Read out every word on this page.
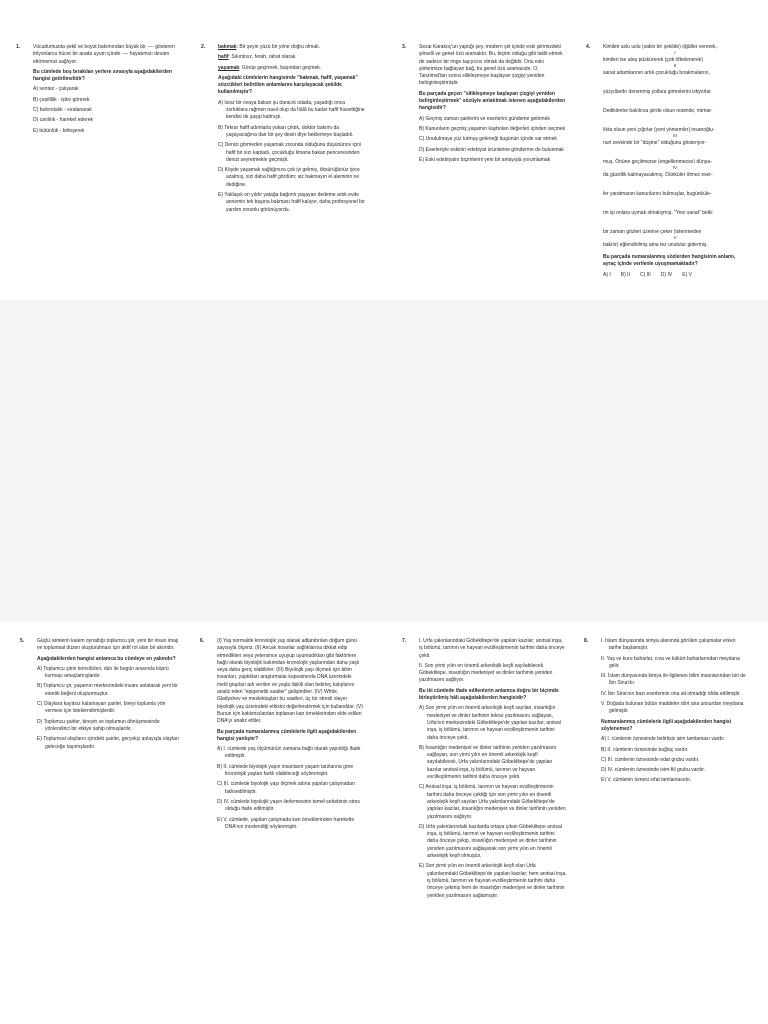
1.	Vücudumuzda şekil ve boyut bakımından büyük bir ---- gösteren trilyonlarca hücre bir arada uyum içinde ---- hayatımızı devam ettirmemizi sağlıyor.

Bu cümlede boş bırakılan yerlere sırasıyla aşağıdakilerden hangisi getirilmelidir?

A) sentez - çalışarak
B) çeşitlilik - işlev görerek
C) farkındalık - sıralanarak
D) canlılık - hareket ederek
E) bütünlük - birleşerek
2.	bakmak: Bir şeyin yüzü bir yöne doğru olmak.

hafif: Sıkıntısız, ferah, rahat olarak.

yaşamak: Görüp geçirmek, başından geçmek.

Aşağıdaki cümlelerin hangisinde "bakmak, hafif, yaşamak" sözcükleri belirtilen anlamlarını karşılayacak şekilde kullanılmıştır?

A) Issız bir ovaya bakan şu daracık odada, yaşadığı onca zorluklara rağmen nasıl olup da hâlâ bu kadar hafif hissettiğine kendisi de şaşıp kalmıştı.
B) Tekrar hafif adımlarla yukarı çıktık, doktor bakımı da yaşayacağına dair bir şey desin diye beklemeye başladık.
C) Denizi görmeden yaşamak zorunda olduğunu düşününce içini hafif bir sızı kapladı, çocukluğu limana bakan penceresinden denizi seyretmekle geçmişti.
D) Köyde yaşamak sağlığınıza çok iyi gelmiş, öksürüğünüz iyice azalmış, sizi daha hafif gördüm; siz bakmayın el aleminin ne dediğine.
E) Yaklaşık on yıldır yatağa bağımlı yaşayan dedeme artık evde annemin tek başına bakması hafif kalıyor, daha profesyonel bir yardım zorunlu görünüyordu.
3.	Sezai Karakoç'un yaptığı şey, modern şiir içinde eski şiirimizdeki şiirselli ve genel özü aramaktır. Bu, biçimi olduğu gibi taklit etmek de sadece bir imge taşıyıcısı olmak da değildir. Onu eski şiirlerimize bağlayan bağ, bu genel özü aramasıdır. O, Tanzimat'tan sonra silikleşmeye başlayan çizgiyi yeniden belirginleştirmiştir.

Bu parçada geçen "silikleşmeye başlayan çizgiyi yeniden belirginleştirmek" sözüyle anlatılmak istenen aşağıdakilerden hangisidir?

A) Geçmiş zaman şairlerini ve eserlerini gündeme getirmek
B) Kanunların geçmiş yaşamın kaybolan değerleri içinden seçmek
C) Unutulmaya yüz tutmuş geleneği bugünün içinde var etmek
D) Eserleriyle eskinin edebiyat ürünlerine gönderme de bulunmak
E) Eski edebiyatın biçimlerini yeni bir anlayışla yorumlamak
4.	Kimileri uslu uslu (sakin bir şekilde) öğütler vererek,
I
kimileri ise ateş püskürerek (çok öfkelenerek)
II
sanat adamlarının artık çocukluğu bırakmalarını,
yüzyıllardır denenmiş yollara girmelerini istiyorlar.
Dediklerine bakılırsa şiirde olsun resimde, mimar-
lıkta olsun yeni çığırlar (yeni yöntemler) insanoğlu-
III
nun zevkinde bir "düşme" olduğunu gösteriyor-
muş. Önüne geçilmezse (engellenmezse) dünya-
IV
da güzellik kalmayacakmış. Dünküler ölmez eser-
ler yaratmanın kanunlarını bulmuşlar, bugünküle-
rin işi onlara uymak olmalıymış. "Yeni sanat" belki
bir zaman gözleri üzerine çeker (istenmeden
V
bakılır) eğlendirilmiş ama tez unutulur gidermiş.

Bu parçada numaralanmış sözlerden hangisinin anlamı, ayraç içinde verilenle uyuşmamaktadır?

A) I B) II C) III D) IV E) V
5.	Güçlü isimlerin kalem oynattığı toplumcu şiir, yeni bir insan imajı ve toplumsal düzen oluşturulması için aktif rol alan bir akımdır.

Aşağıdakilerden hangisi anlamca bu cümleye en yakındır?

A) Toplumcu şiirin temsilcileri, dün ile bugün arasında köprü kurmayı amaçlamışlardır.
B) Toplumcu şir, yaşamın merkezindeki insanı anlatarak yeni bir estetik beğeni oluşturmuştur.
C) Olaylara kayıtsız kalamayan şairler, bireyi toplumla yön vermesi için isteklendirmişlerdir.
D) Toplumcu şairler, bireyin ve toplumun dönüşmesinde yönlendirici bir etkiye sahip olmuşlardır.
E) Toplumsal olayların içindeki şairler, gerçekçi anlayışla olayları geleceğe taşımışlardır.
6.	(I) Yaş normalde kronolojik yaş olarak adlandırılan doğum günü sayısıyla ölçeriz. (II) Ancak insanlar sağlıklarına dikkat edip etmedikleri veya yetersince uyuyup uyumadıkları gibi faktörlere bağlı olarak biyolojik bakımdan kronolojik yaşlarından daha yaşlı veya daha genç olabilirler. (III) Biyolojik yaşı ölçmek için bilim insanları, yaptıkları araştırmalar kapsamında DNA üzerindeki metil grupları adı verilen ve yaşla ilişkili olan belirteç kalıplarını analiz eden "epigenetik saatler" geliştirdiler. (IV) White, Gladyshev ve meslektaşları bu saatleri, üç tür stresli olayın biyolojik yaş üzerindeki etkisini değerlendirmek için kullandılar. (V) Bunun için katılımcılardan toplanan kan örneklerinden elde edilen DNA'yı analiz ettiler.

Bu parçada numaralanmış cümlelerle ilgili aşağıdakilerden hangisi yanlıştır?

A) I. cümlede yaş ölçümünün zamana bağlı olarak yapıldığı ifade edilmiştir.
B) II. cümlede biyolojik yaşın insanların yaşam tarzlarına göre kronolojik yaştan farklı olabileceği söylenmiştir.
C) III. cümlede biyolojik yaşı ölçmek adına yapılan çalışmadan bahsedilmiştir.
D) IV. cümlede biyolojik yaşın ilerlemesinin temel sebebinin stres olduğu ifade edilmiştir.
E) V. cümlede, yapılan çalışmada kan örneklerinden hareketle DNA'nın incelendiği söylenmiştir.
7.	I. Urfa yakınlarındaki Göbeklitepe'de yapılan kazılar; anıtsal inşa, iş bölümü, tarımın ve hayvan evcilleştirmenin tarihini daha önceye çekti.

II. Son yirmi yılın en önemli arkeolojik keşfi sayılabilecek Göbeklitepe, insanlığın medeniyet ve dinler tarihinin yeniden yazılmasını sağlıyor.

Bu iki cümlede ifade edilenlerin anlamca doğru bir biçimde birleştirilmiş hâli aşağıdakilerden hangisidir?

A) Son yirmi yılın en önemli arkeolojik keşfi sayılan, insanlığın medeniyet ve dinler tarihinin tekrar yazılmasını sağlayan, Urfa'nın merkezindeki Göbeklitepe'de yapılan kazılar; anıtsal inşa, iş bölümü, tarımın ve hayvan evcilleştirmenin tarihini daha önceye çekti.
B) İnsanlığın medeniyet ve dinler tarihinin yeniden yazılmasını sağlayan, son yirmi yılın en önemli arkeolojik keşfi sayılabilecek, Urfa yakınlarındaki Göbeklitepe'de yapılan kazılar anıtsal inşa, iş bölümü, tarımın ve hayvan evcilleştirmenin tarihini daha önceye çekti.
C) Anıtsal inşa, iş bölümü, tarımın ve hayvan evcilleştirmenin tarihini daha önceye çektiği için son yirmi yılın en önemli arkeolojik keşfi sayılan Urfa yakınlarındaki Göbeklitepe'de yapılan kazılar, insanlığın medeniyet ve dinler tarihinin yeniden yazılmasını sağlıyor.
D) Urfa yakınlarındaki kazılarda ortaya çıkan Göbeklitepe anıtsal inşa, iş bölümü, tarımın ve hayvan evcilleştirmenin tarihini daha önceye çekip, insanlığın medeniyet ve dinler tarihinin yeniden yazılmasını sağlayarak son yirmi yılın en önemli arkeolojik keşfi olmuştur.
E) Son yirmi yılın en önemli arkeolojik keşfi olan Urfa yakınlarındaki Göbeklitepe'de yapılan kazılar; hem anıtsal inşa, iş bölümü, tarımın ve hayvan evcilleştirmenin tarihini daha önceye çekmiş hem de insanlığın medeniyet ve dinler tarihinin yeniden yazılmasını sağlamıştır.
8.	I. İslam dünyasında simya alanında görülen çalışmalar erken tarihe başlamıştır.
II. Yaş ve kuru buharlar, cıva ve kükürt buharlarından meydana gelir.
III. İslam dünyasında kimya ile ilgilenen bilim insanlarından biri de İbn Sina'dır.
IV. İbn Sina'nın bazı eserlerinin ona ait olmadığı iddia edilmiştir.
V. Doğada bulunan bütün maddeler dört ana unsurdan meydana gelmiştir.

Numaralanmış cümlelerle ilgili aşağıdakilerden hangisi söylenemez?

A) I. cümlenin öznesinde belirtisiz isim tamlaması vardır.
B) II. cümlenin öznesinde bağlaç vardır.
C) III. cümlenin öznesinde edat grubu vardır.
D) IV. cümlenin öznesinde isim-fiil grubu vardır.
E) V. cümlenin öznesi sıfat tamlamasıdır.
